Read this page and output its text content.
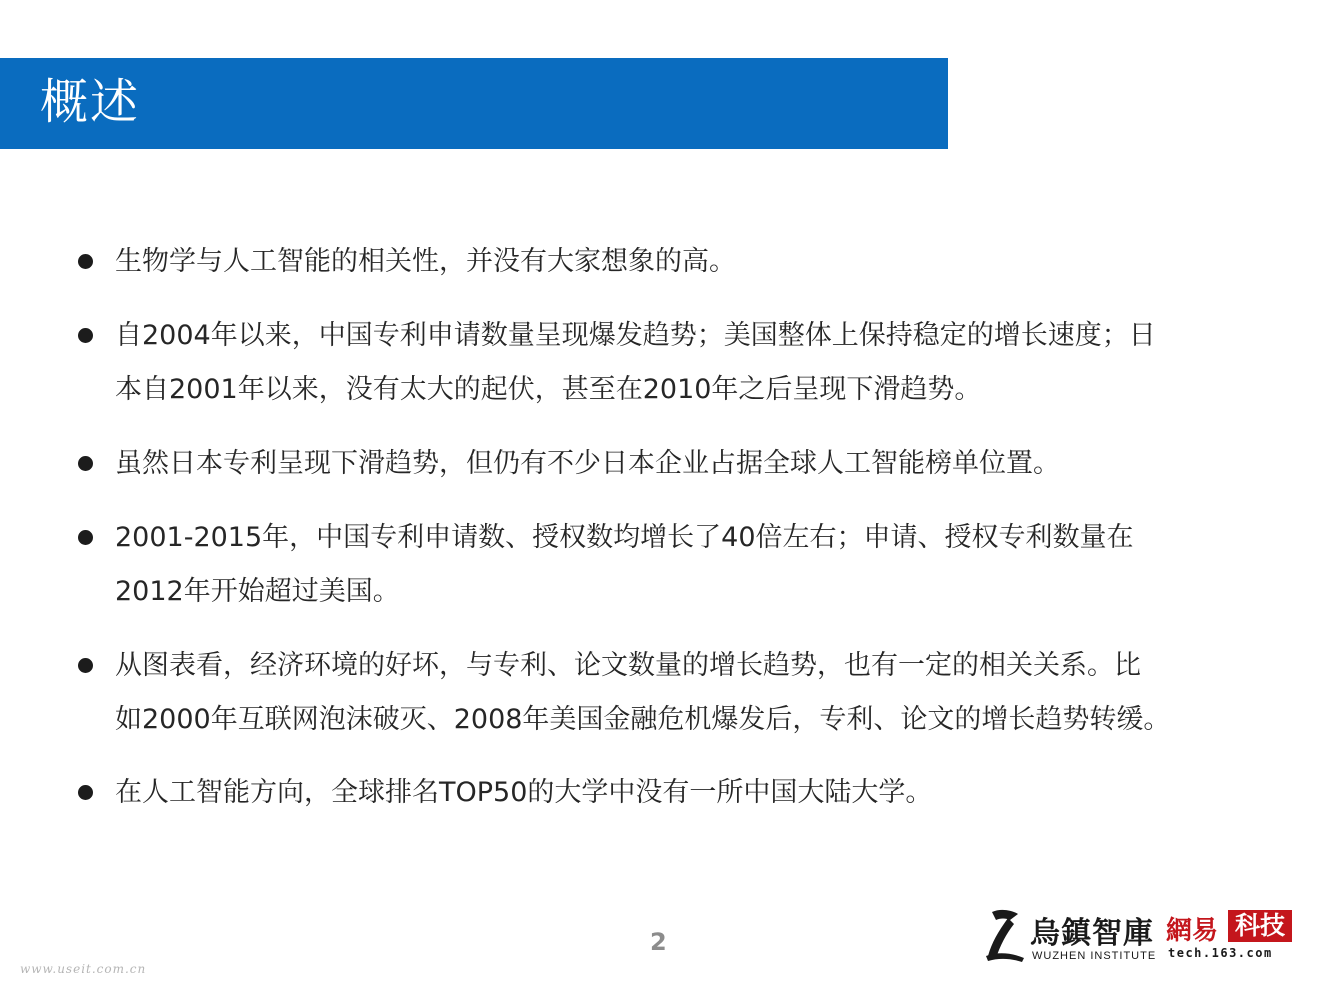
概述
生物学与人工智能的相关性，并没有大家想象的高。
自2004年以来，中国专利申请数量呈现爆发趋势；美国整体上保持稳定的增长速度；日
本自2001年以来，没有太大的起伏，甚至在2010年之后呈现下滑趋势。
虽然日本专利呈现下滑趋势，但仍有不少日本企业占据全球人工智能榜单位置。
2001-2015年，中国专利申请数、授权数均增长了40倍左右；申请、授权专利数量在
2012年开始超过美国。
从图表看，经济环境的好坏，与专利、论文数量的增长趋势，也有一定的相关关系。比
如2000年互联网泡沫破灭、2008年美国金融危机爆发后，专利、论文的增长趋势转缓。
在人工智能方向，全球排名TOP50的大学中没有一所中国大陆大学。
2
www.useit.com.cn
烏鎮智庫
WUZHEN INSTITUTE
網易 科技
tech.163.com
